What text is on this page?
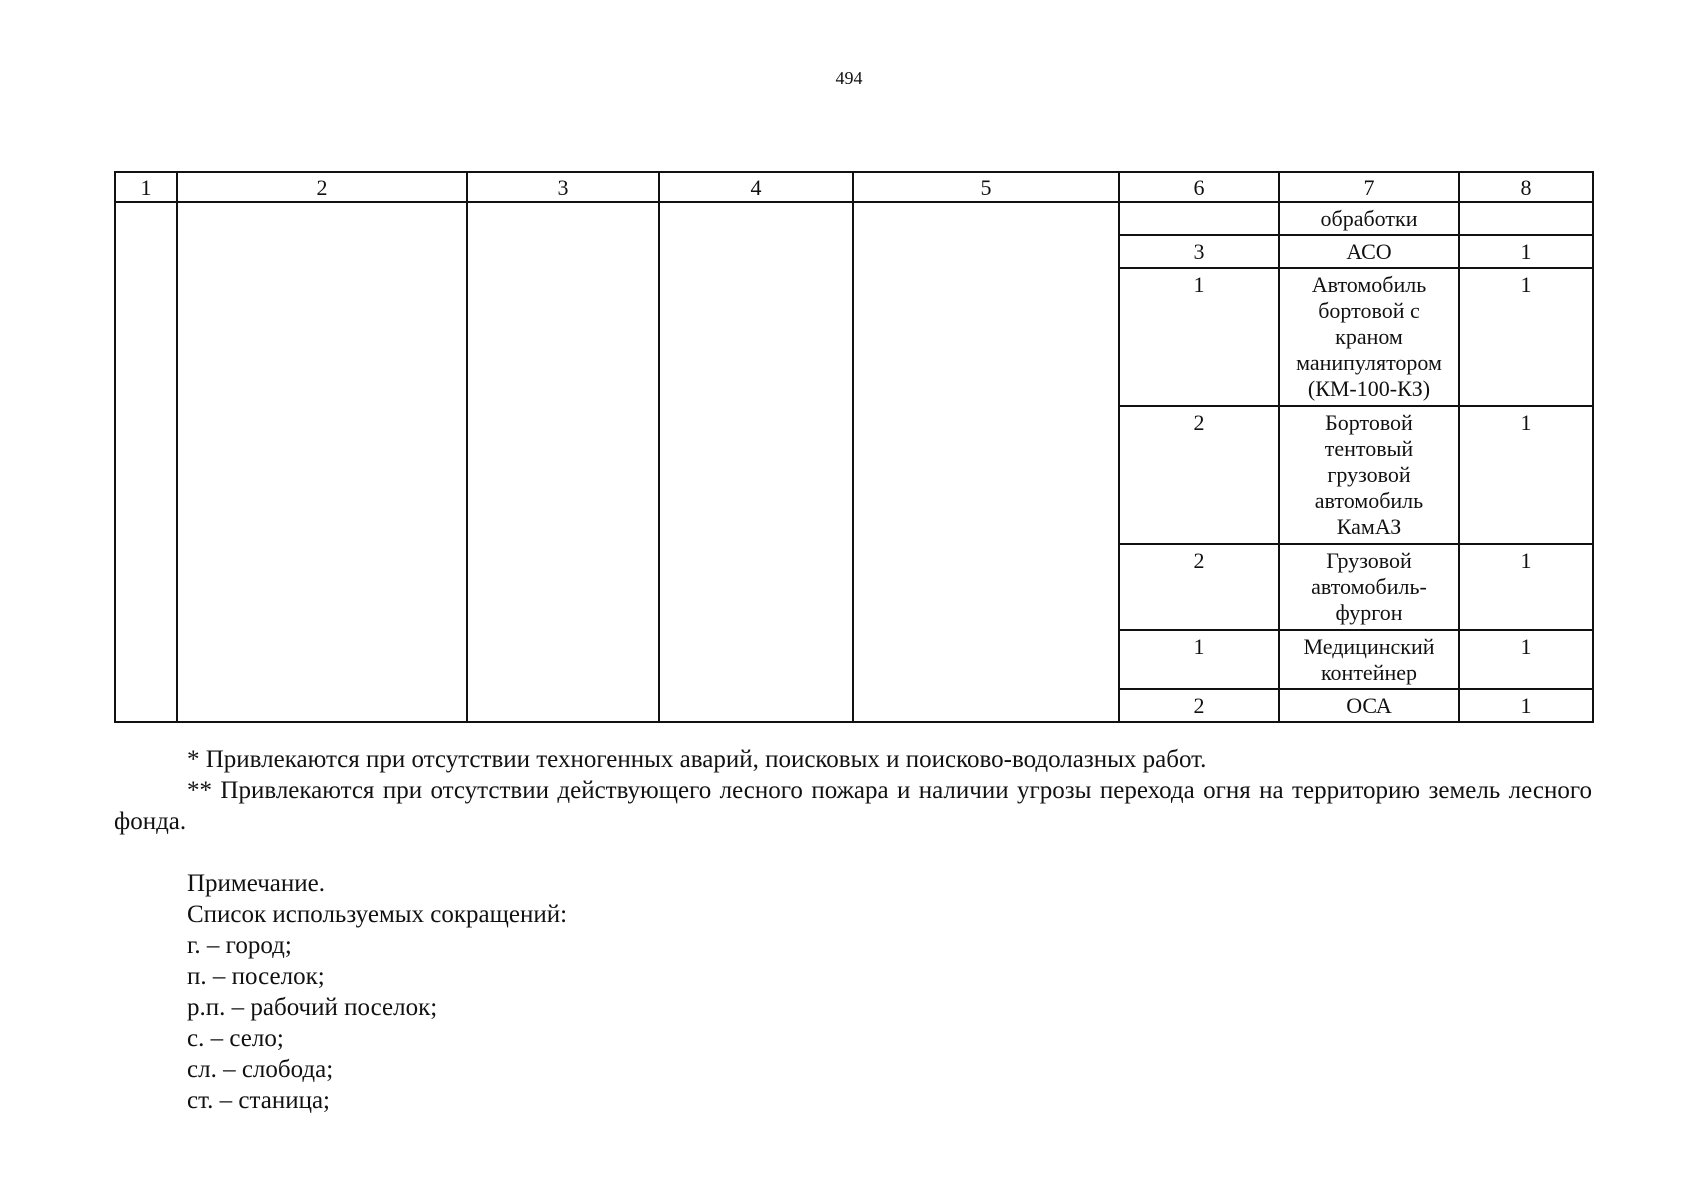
494
1	2	3	4	5	6	7	8
						обработки	
					3	АСО	1
					1	Автомобиль бортовой с краном манипулятором (КМ-100-КЗ)	1
					2	Бортовой тентовый грузовой автомобиль КамАЗ	1
					2	Грузовой автомобиль-фургон	1
					1	Медицинский контейнер	1
					2	ОСА	1

* Привлекаются при отсутствии техногенных аварий, поисковых и поисково-водолазных работ.

** Привлекаются при отсутствии действующего лесного пожара и наличии угрозы перехода огня на территорию земель лесного фонда.

Примечание.

Список используемых сокращений:

г. – город;

п. – поселок;

р.п. – рабочий поселок;

с. – село;

сл. – слобода;

ст. – станица;
